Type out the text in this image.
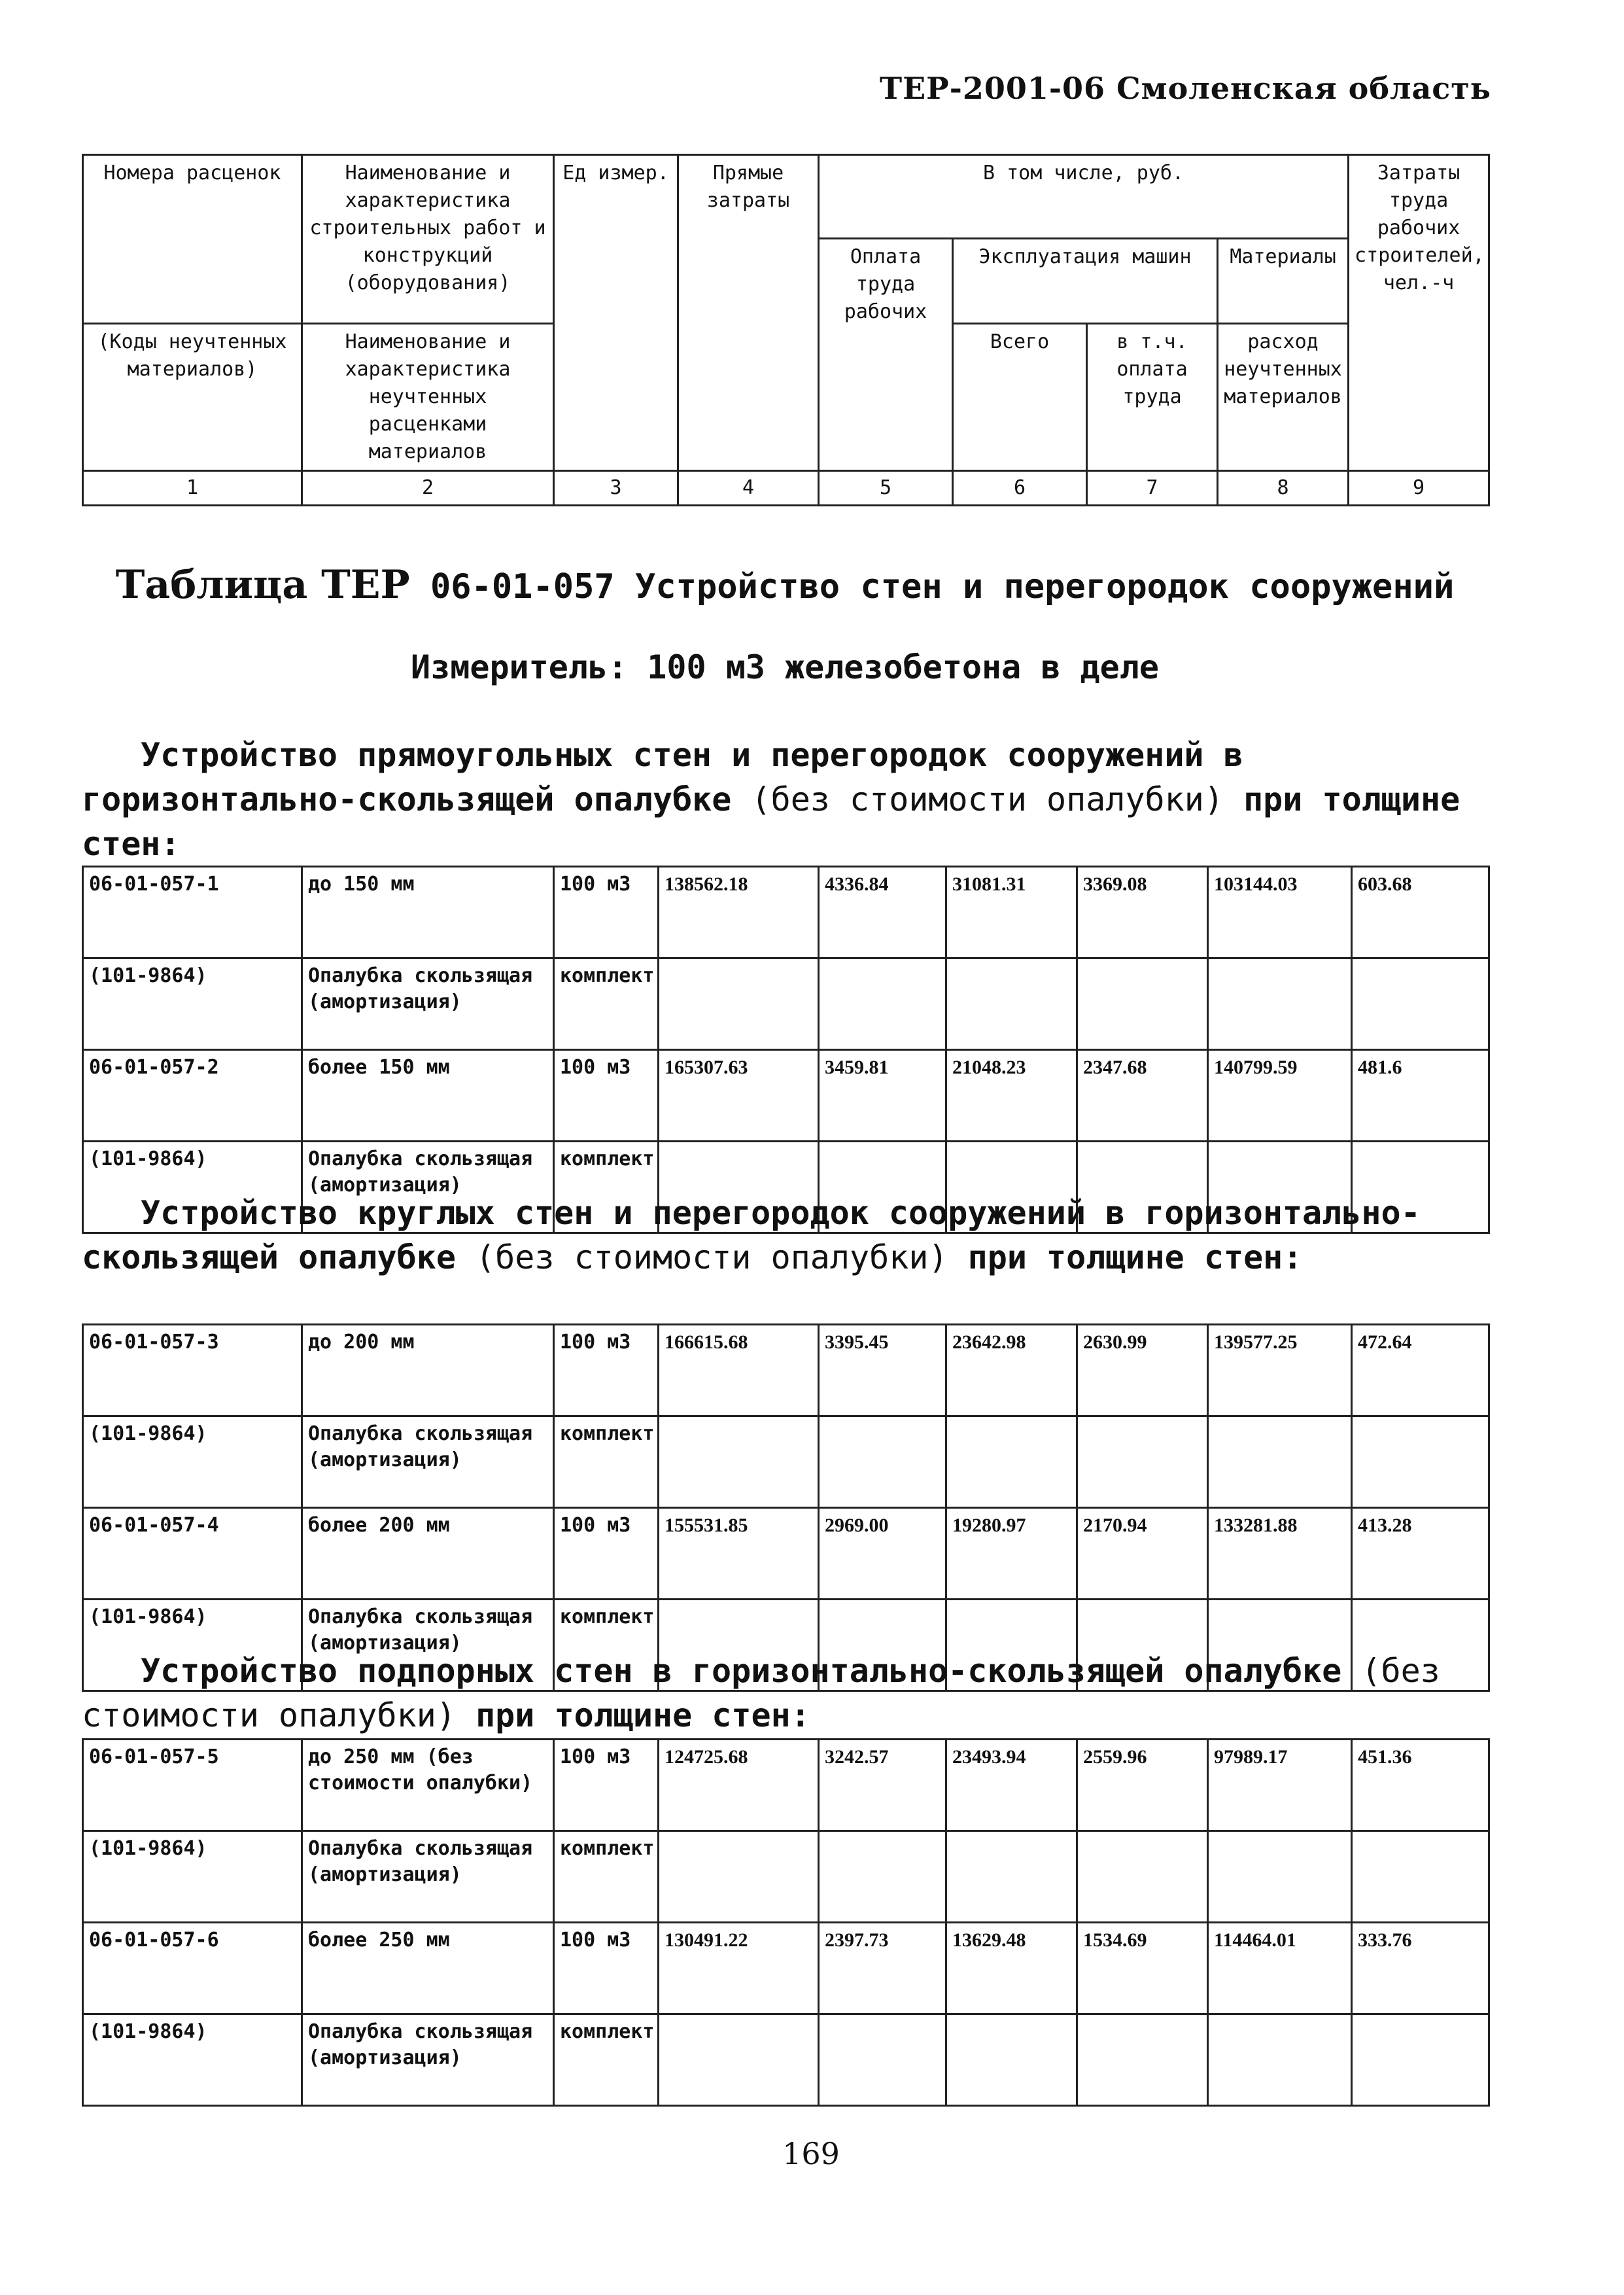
ТЕР-2001-06 Смоленская область
Номера расценок	Наименование и характеристика строительных работ и конструкций (оборудования)	Ед измер.	Прямые затраты	В том числе, руб.				Затраты труда рабочих строителей, чел.-ч
				Оплата труда рабочих	Эксплуатация машин		Материалы	
(Коды неучтенных материалов)	Наименование и характеристика неучтенных расценками материалов				Всего	в т.ч. оплата труда	расход неучтенных материалов	
1	2	3	4	5	6	7	8	9
Таблица ТЕР 06-01-057 Устройство стен и перегородок сооружений
Измеритель: 100 м3 железобетона в деле
Устройство прямоугольных стен и перегородок сооружений в горизонтально-скользящей опалубке (без стоимости опалубки) при толщине стен:
06-01-057-1	до 150 мм	100 м3	138562.18	4336.84	31081.31	3369.08	103144.03	603.68
(101-9864)	Опалубка скользящая (амортизация)	комплект						
06-01-057-2	более 150 мм	100 м3	165307.63	3459.81	21048.23	2347.68	140799.59	481.6
(101-9864)	Опалубка скользящая (амортизация)	комплект						
Устройство круглых стен и перегородок сооружений в горизонтально-скользящей опалубке (без стоимости опалубки) при толщине стен:
06-01-057-3	до 200 мм	100 м3	166615.68	3395.45	23642.98	2630.99	139577.25	472.64
(101-9864)	Опалубка скользящая (амортизация)	комплект						
06-01-057-4	более 200 мм	100 м3	155531.85	2969.00	19280.97	2170.94	133281.88	413.28
(101-9864)	Опалубка скользящая (амортизация)	комплект						
Устройство подпорных стен в горизонтально-скользящей опалубке (без стоимости опалубки) при толщине стен:
06-01-057-5	до 250 мм (без стоимости опалубки)	100 м3	124725.68	3242.57	23493.94	2559.96	97989.17	451.36
(101-9864)	Опалубка скользящая (амортизация)	комплект						
06-01-057-6	более 250 мм	100 м3	130491.22	2397.73	13629.48	1534.69	114464.01	333.76
(101-9864)	Опалубка скользящая (амортизация)	комплект						
169
